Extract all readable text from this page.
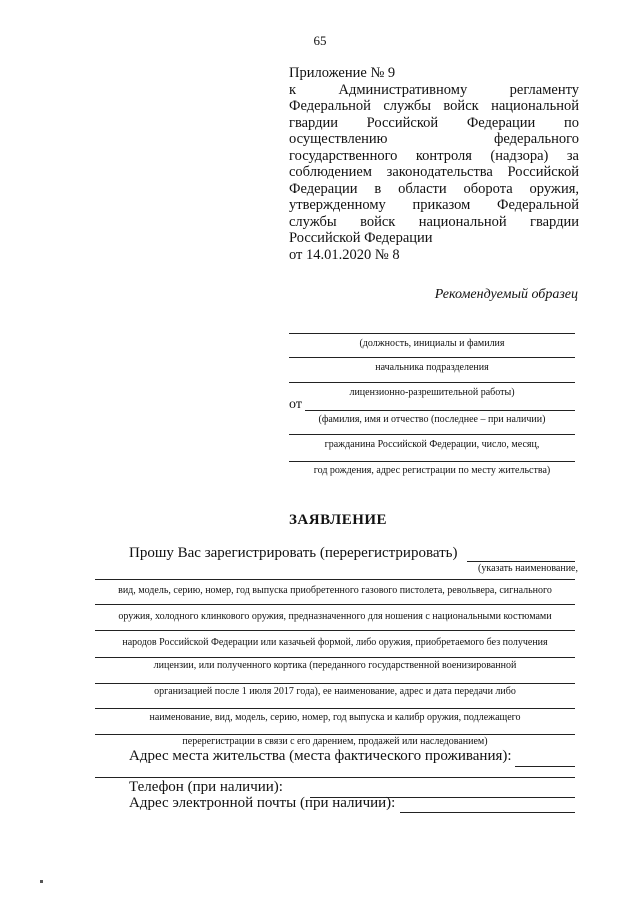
65
Приложение № 9
к Административному регламенту
Федеральной службы войск национальной
гвардии Российской Федерации по
осуществлению федерального
государственного контроля (надзора) за
соблюдением законодательства Российской
Федерации в области оборота оружия,
утвержденному приказом Федеральной
службы войск национальной гвардии
Российской Федерации
от 14.01.2020 № 8
Рекомендуемый образец
(должность, инициалы и фамилия
начальника подразделения
лицензионно-разрешительной работы)
от
(фамилия, имя и отчество (последнее – при наличии)
гражданина Российской Федерации, число, месяц,
год рождения, адрес регистрации по месту жительства)
ЗАЯВЛЕНИЕ
Прошу Вас зарегистрировать (перерегистрировать)
(указать наименование,
вид, модель, серию, номер, год выпуска приобретенного газового пистолета, револьвера, сигнального
оружия, холодного клинкового оружия, предназначенного для ношения с национальными костюмами
народов Российской Федерации или казачьей формой, либо оружия, приобретаемого без получения
лицензии, или полученного кортика (переданного государственной военизированной
организацией после 1 июля 2017 года), ее наименование, адрес и дата передачи либо
наименование, вид, модель, серию, номер, год выпуска и калибр оружия, подлежащего
перерегистрации в связи с его дарением, продажей или наследованием)
Адрес места жительства (места фактического проживания):
Телефон (при наличии):
Адрес электронной почты (при наличии):
